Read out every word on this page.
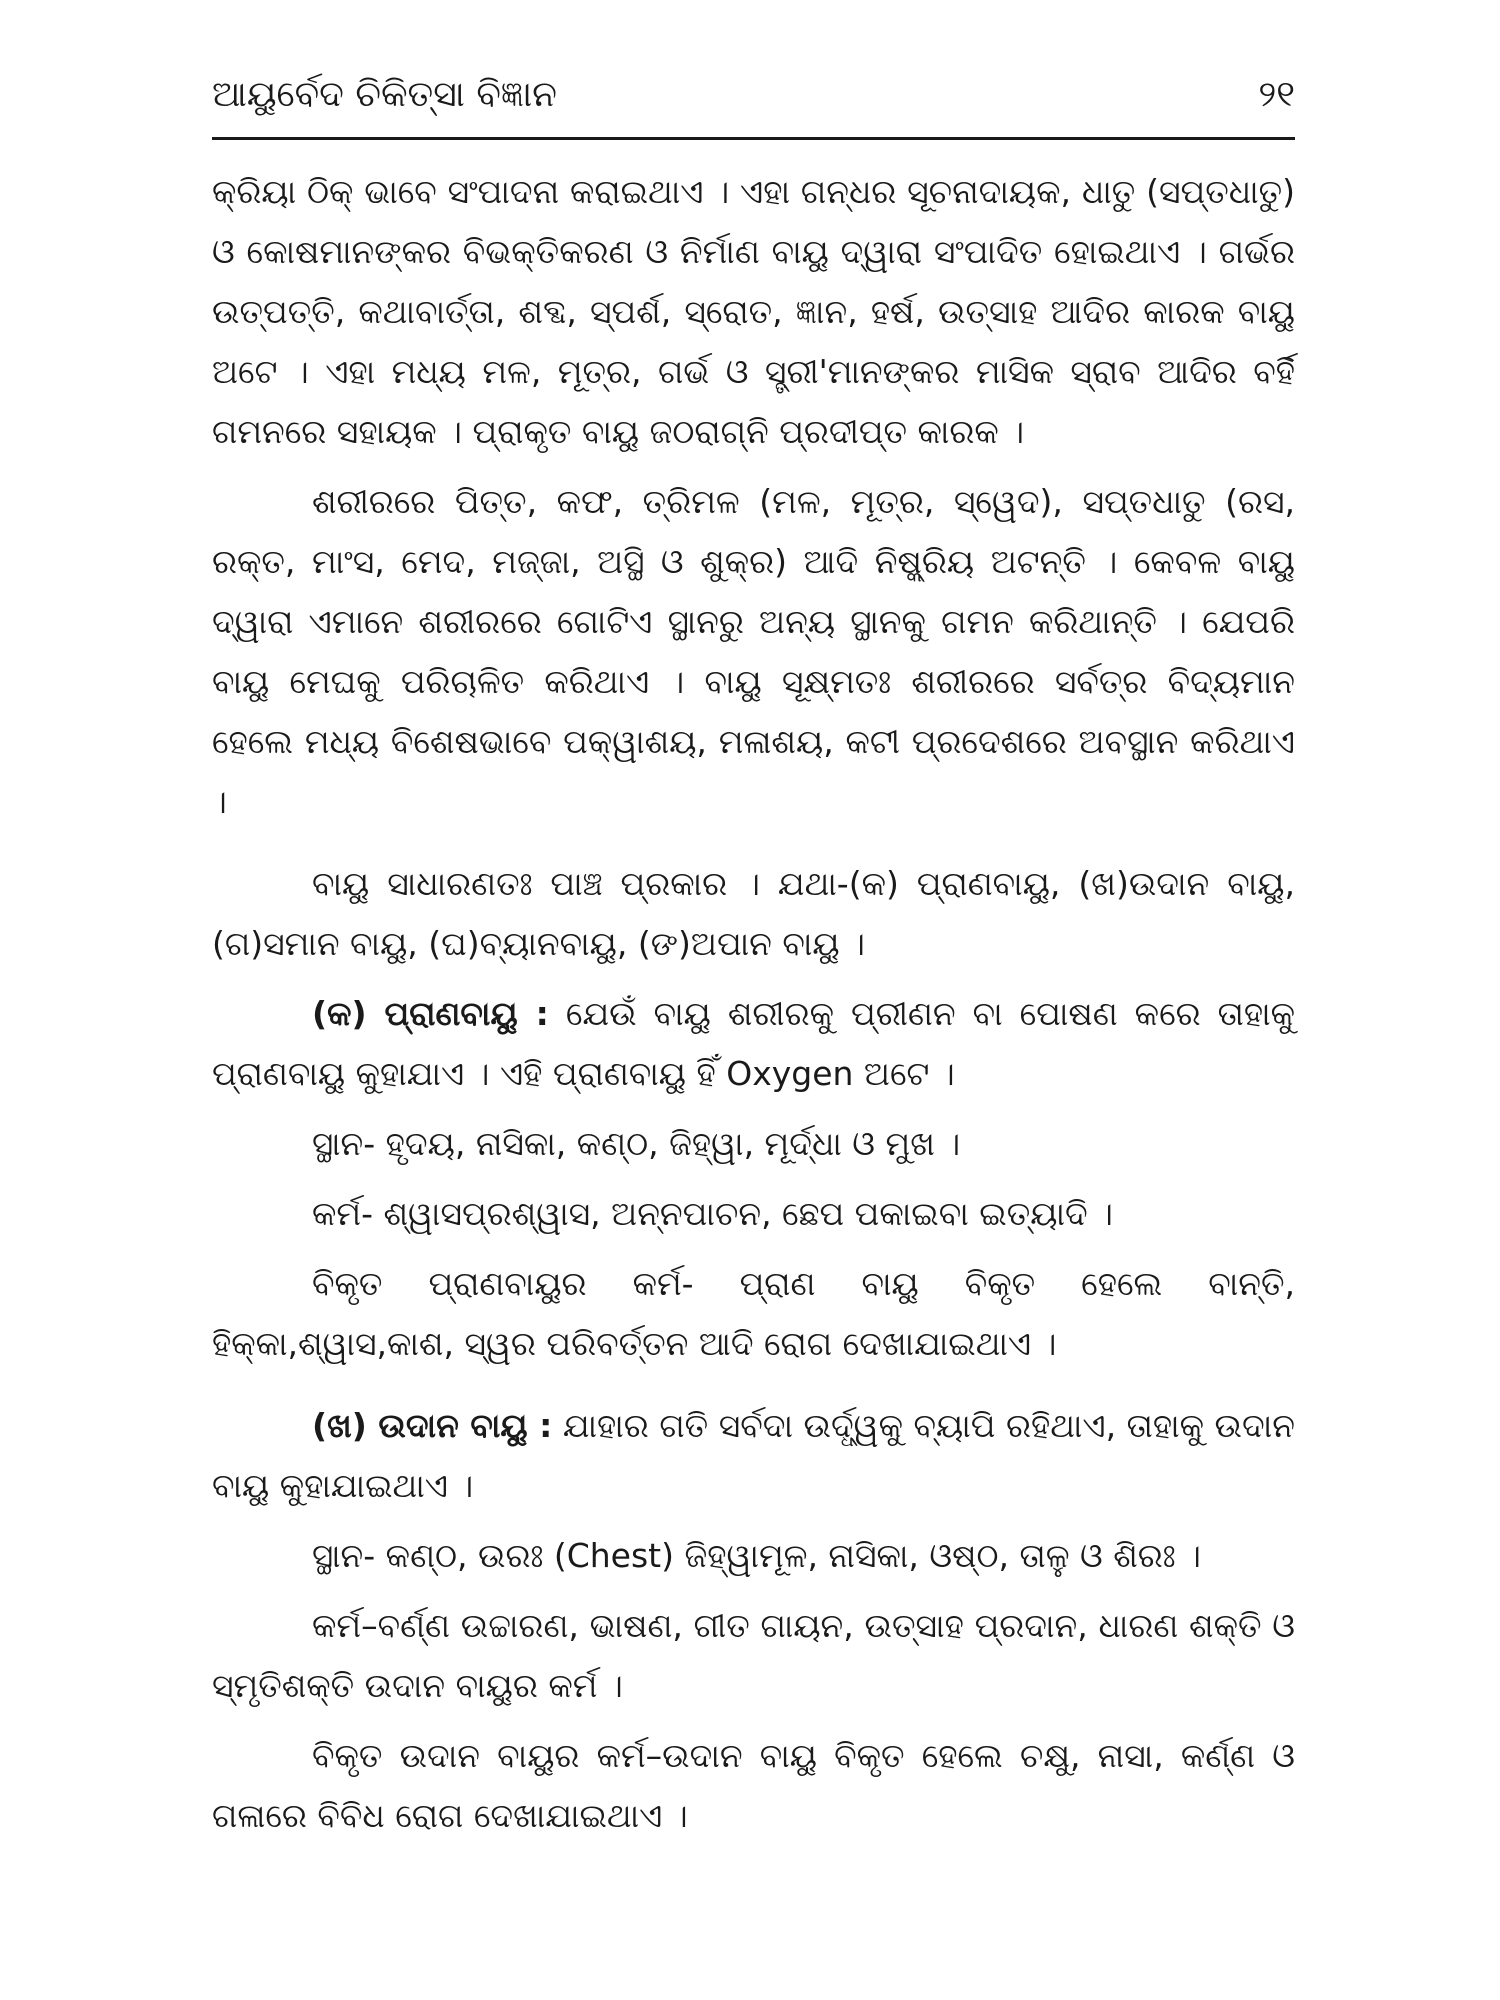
ଆୟୁର୍ବେଦ ଚିକିତ୍ସା ବିଜ୍ଞାନ	୨୧

କ୍ରିୟା ଠିକ୍ ଭାବେ ସଂପାଦନା କରାଇଥାଏ । ଏହା ଗନ୍ଧର ସୂଚନାଦାୟକ, ଧାତୁ (ସପ୍ତଧାତୁ) ଓ କୋଷମାନଙ୍କର ବିଭକ୍ତିକରଣ ଓ ନିର୍ମାଣ ବାୟୁ ଦ୍ୱାରା ସଂପାଦିତ ହୋଇଥାଏ । ଗର୍ଭର ଉତ୍ପତ୍ତି, କଥାବାର୍ତ୍ତା, ଶବ୍ଦ, ସ୍ପର୍ଶ, ସ୍ରୋତ, ଜ୍ଞାନ, ହର୍ଷ, ଉତ୍ସାହ ଆଦିର କାରକ ବାୟୁ ଅଟେ । ଏହା ମଧ୍ୟ ମଳ, ମୂତ୍ର, ଗର୍ଭ ଓ ସ୍ତ୍ରୀ'ମାନଙ୍କର ମାସିକ ସ୍ରାବ ଆଦିର ବର୍ହି ଗମନରେ ସହାୟକ । ପ୍ରାକୃତ ବାୟୁ ଜଠରାଗ୍ନି ପ୍ରଦୀପ୍ତ କାରକ ।

ଶରୀରରେ ପିତ୍ତ, କଫ, ତ୍ରିମଳ (ମଳ, ମୂତ୍ର, ସ୍ୱେଦ), ସପ୍ତଧାତୁ (ରସ, ରକ୍ତ, ମାଂସ, ମେଦ, ମଜ୍ଜା, ଅସ୍ଥି ଓ ଶୁକ୍ର) ଆଦି ନିଷ୍କ୍ରିୟ ଅଟନ୍ତି । କେବଳ ବାୟୁ ଦ୍ୱାରା ଏମାନେ ଶରୀରରେ ଗୋଟିଏ ସ୍ଥାନରୁ ଅନ୍ୟ ସ୍ଥାନକୁ ଗମନ କରିଥାନ୍ତି । ଯେପରି ବାୟୁ ମେଘକୁ ପରିଚାଳିତ କରିଥାଏ । ବାୟୁ ସୂକ୍ଷ୍ମତଃ ଶରୀରରେ ସର୍ବତ୍ର ବିଦ୍ୟମାନ ହେଲେ ମଧ୍ୟ ବିଶେଷଭାବେ ପକ୍ୱାଶୟ, ମଳାଶୟ, କଟୀ ପ୍ରଦେଶରେ ଅବସ୍ଥାନ କରିଥାଏ ।

ବାୟୁ ସାଧାରଣତଃ ପାଞ୍ଚ ପ୍ରକାର । ଯଥା-(କ) ପ୍ରାଣବାୟୁ, (ଖ)ଉଦାନ ବାୟୁ, (ଗ)ସମାନ ବାୟୁ, (ଘ)ବ୍ୟାନବାୟୁ, (ଙ)ଅପାନ ବାୟୁ ।

(କ) ପ୍ରାଣବାୟୁ : ଯେଉଁ ବାୟୁ ଶରୀରକୁ ପ୍ରୀଣନ ବା ପୋଷଣ କରେ ତାହାକୁ ପ୍ରାଣବାୟୁ କୁହାଯାଏ । ଏହି ପ୍ରାଣବାୟୁ ହିଁ Oxygen ଅଟେ ।

ସ୍ଥାନ- ହୃଦୟ, ନାସିକା, କଣ୍ଠ, ଜିହ୍ୱା, ମୂର୍ଦ୍ଧା ଓ ମୁଖ ।

କର୍ମ- ଶ୍ୱାସପ୍ରଶ୍ୱାସ, ଅନ୍ନପାଚନ, ଛେପ ପକାଇବା ଇତ୍ୟାଦି ।

ବିକୃତ ପ୍ରାଣବାୟୁର କର୍ମ- ପ୍ରାଣ ବାୟୁ ବିକୃତ ହେଲେ ବାନ୍ତି, ହିକ୍କା,ଶ୍ୱାସ,କାଶ, ସ୍ୱର ପରିବର୍ତ୍ତନ ଆଦି ରୋଗ ଦେଖାଯାଇଥାଏ ।

(ଖ) ଉଦାନ ବାୟୁ : ଯାହାର ଗତି ସର୍ବଦା ଉର୍ଦ୍ଧ୍ୱକୁ ବ୍ୟାପି ରହିଥାଏ, ତାହାକୁ ଉଦାନ ବାୟୁ କୁହାଯାଇଥାଏ ।

ସ୍ଥାନ- କଣ୍ଠ, ଉରଃ (Chest) ଜିହ୍ୱାମୂଳ, ନାସିକା, ଓଷ୍ଠ, ତାଳୁ ଓ ଶିରଃ ।

କର୍ମ–ବର୍ଣ୍ଣ ଉଚ୍ଚାରଣ, ଭାଷଣ, ଗୀତ ଗାୟନ, ଉତ୍ସାହ ପ୍ରଦାନ, ଧାରଣ ଶକ୍ତି ଓ ସ୍ମୃତିଶକ୍ତି ଉଦାନ ବାୟୁର କର୍ମ ।

ବିକୃତ ଉଦାନ ବାୟୁର କର୍ମ–ଉଦାନ ବାୟୁ ବିକୃତ ହେଲେ ଚକ୍ଷୁ, ନାସା, କର୍ଣ୍ଣ ଓ ଗଳାରେ ବିବିଧ ରୋଗ ଦେଖାଯାଇଥାଏ ।
